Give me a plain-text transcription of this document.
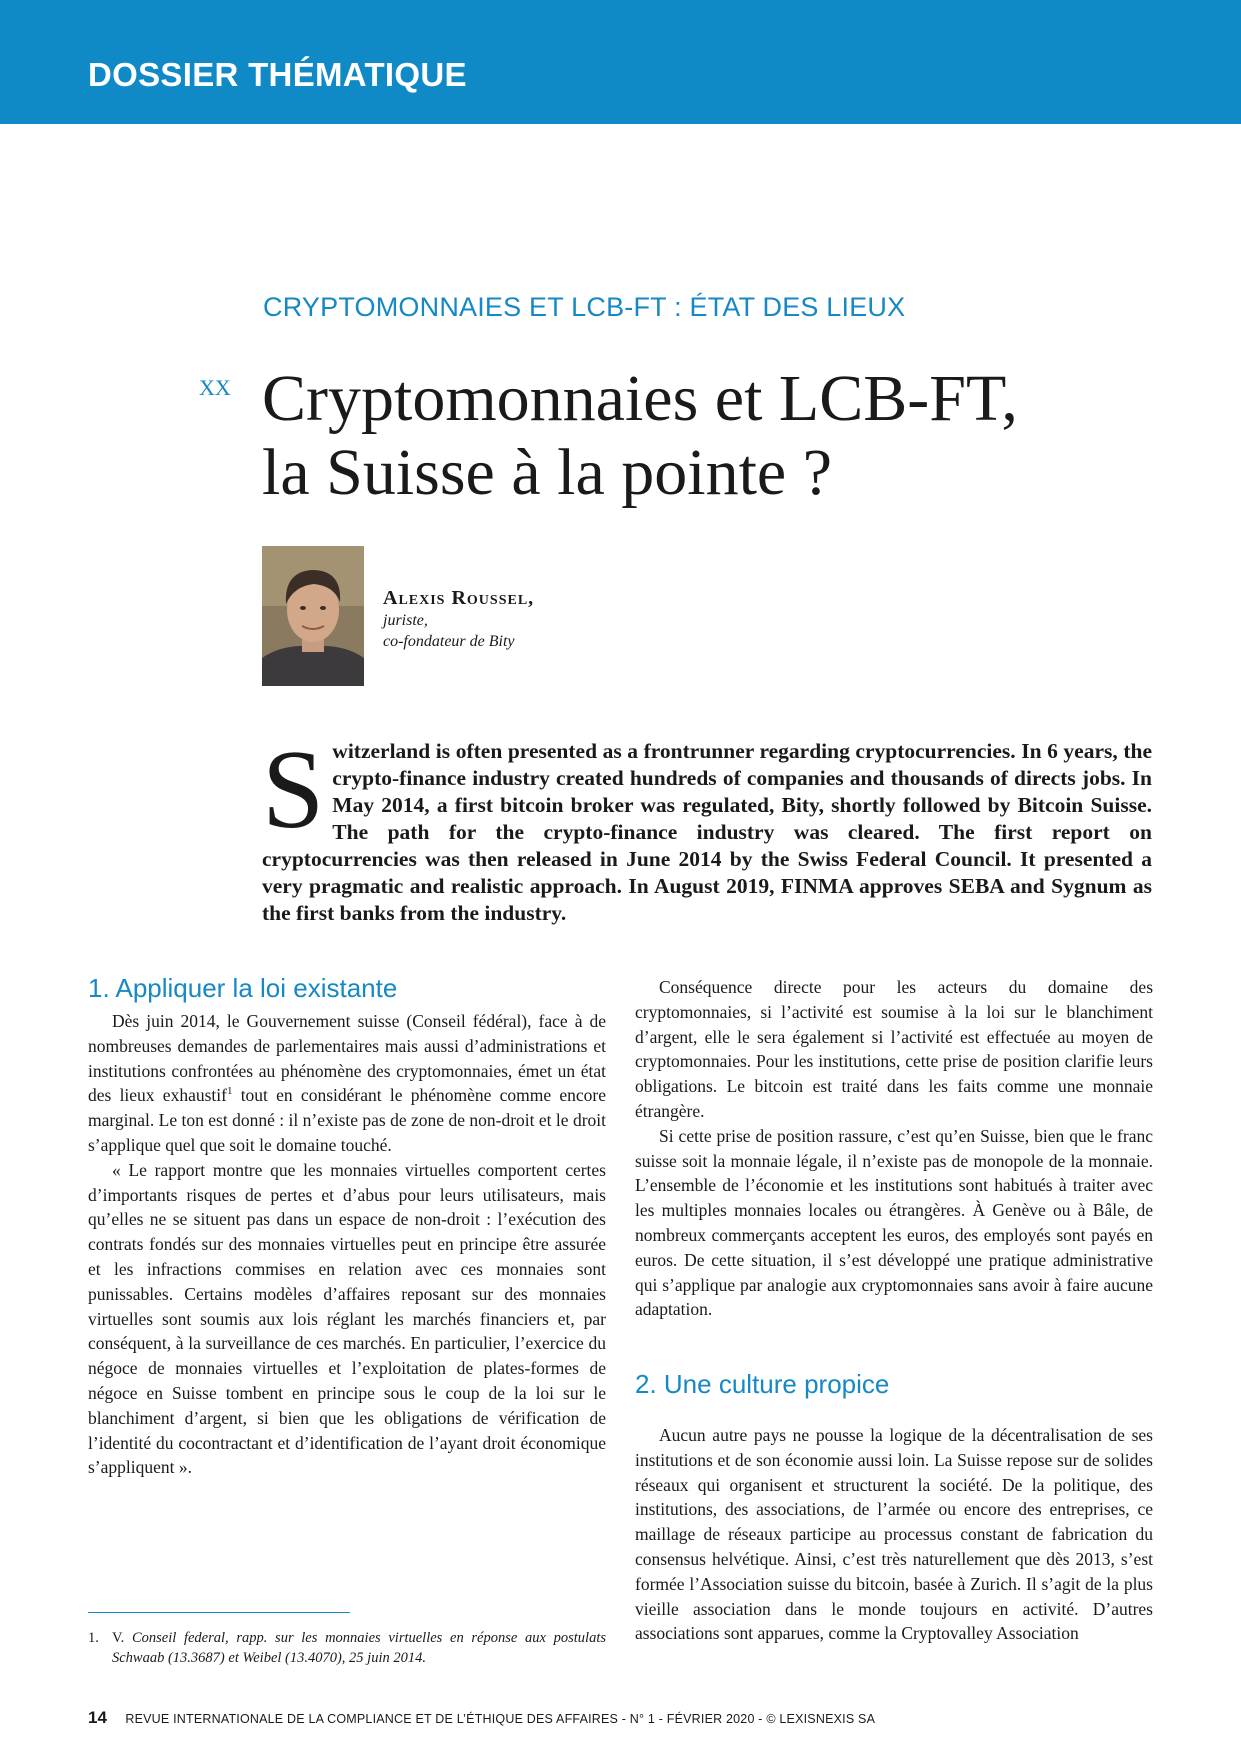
DOSSIER THÉMATIQUE
CRYPTOMONNAIES ET LCB-FT : ÉTAT DES LIEUX
XX Cryptomonnaies et LCB-FT,
la Suisse à la pointe ?
Alexis Roussel,
juriste,
co-fondateur de Bity
Switzerland is often presented as a frontrunner regarding cryptocurrencies. In 6 years, the crypto-finance industry created hundreds of companies and thousands of directs jobs. In May 2014, a first bitcoin broker was regulated, Bity, shortly followed by Bitcoin Suisse. The path for the crypto-finance industry was cleared. The first report on cryptocurrencies was then released in June 2014 by the Swiss Federal Council. It presented a very pragmatic and realistic approach. In August 2019, FINMA approves SEBA and Sygnum as the first banks from the industry.
1. Appliquer la loi existante

Dès juin 2014, le Gouvernement suisse (Conseil fédéral), face à de nombreuses demandes de parlementaires mais aussi d’administrations et institutions confrontées au phénomène des cryptomonnaies, émet un état des lieux exhaustif$^1$ tout en considérant le phénomène comme encore marginal. Le ton est donné : il n’existe pas de zone de non-droit et le droit s’applique quel que soit le domaine touché.

« Le rapport montre que les monnaies virtuelles comportent certes d’importants risques de pertes et d’abus pour leurs utilisateurs, mais qu’elles ne se situent pas dans un espace de non-droit : l’exécution des contrats fondés sur des monnaies virtuelles peut en principe être assurée et les infractions commises en relation avec ces monnaies sont punissables. Certains modèles d’affaires reposant sur des monnaies virtuelles sont soumis aux lois réglant les marchés financiers et, par conséquent, à la surveillance de ces marchés. En particulier, l’exercice du négoce de monnaies virtuelles et l’exploitation de plates-formes de négoce en Suisse tombent en principe sous le coup de la loi sur le blanchiment d’argent, si bien que les obligations de vérification de l’identité du cocontractant et d’identification de l’ayant droit économique s’appliquent ».

Conséquence directe pour les acteurs du domaine des cryptomonnaies, si l’activité est soumise à la loi sur le blanchiment d’argent, elle le sera également si l’activité est effectuée au moyen de cryptomonnaies. Pour les institutions, cette prise de position clarifie leurs obligations. Le bitcoin est traité dans les faits comme une monnaie étrangère.

Si cette prise de position rassure, c’est qu’en Suisse, bien que le franc suisse soit la monnaie légale, il n’existe pas de monopole de la monnaie. L’ensemble de l’économie et les institutions sont habitués à traiter avec les multiples monnaies locales ou étrangères. À Genève ou à Bâle, de nombreux commerçants acceptent les euros, des employés sont payés en euros. De cette situation, il s’est développé une pratique administrative qui s’applique par analogie aux cryptomonnaies sans avoir à faire aucune adaptation.

2. Une culture propice

Aucun autre pays ne pousse la logique de la décentralisation de ses institutions et de son économie aussi loin. La Suisse repose sur de solides réseaux qui organisent et structurent la société. De la politique, des institutions, des associations, de l’armée ou encore des entreprises, ce maillage de réseaux participe au processus constant de fabrication du consensus helvétique. Ainsi, c’est très naturellement que dès 2013, s’est formée l’Association suisse du bitcoin, basée à Zurich. Il s’agit de la plus vieille association dans le monde toujours en activité. D’autres associations sont apparues, comme la Cryptovalley Association

1. V. Conseil federal, rapp. sur les monnaies virtuelles en réponse aux postulats Schwaab (13.3687) et Weibel (13.4070), 25 juin 2014.
14 REVUE INTERNATIONALE DE LA COMPLIANCE ET DE L’ÉTHIQUE DES AFFAIRES - N° 1 - FÉVRIER 2020 - © LEXISNEXIS SA
